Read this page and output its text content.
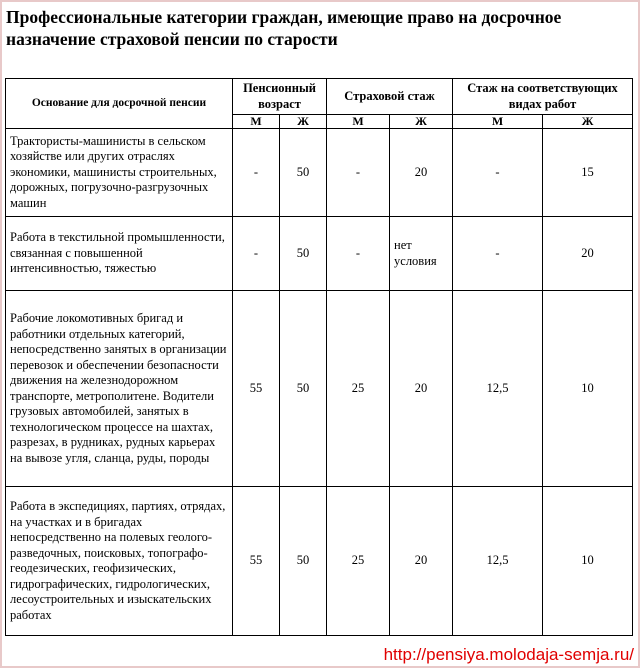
Профессиональные категории граждан, имеющие право на досрочное назначение страховой пенсии по старости
Основание для досрочной пенсии	Пенсионный возраст		Страховой стаж		Стаж на соответствующих видах работ	
	М	Ж	М	Ж	М	Ж
Трактористы-машинисты в сельском хозяйстве или других отраслях экономики, машинисты строительных, дорожных, погрузочно-разгрузочных машин	-	50	-	20	-	15
Работа в текстильной промышленности, связанная с повышенной интенсивностью, тяжестью	-	50	-	нет условия	-	20
Рабочие локомотивных бригад и работники отдельных категорий, непосредственно занятых в организации перевозок и обеспечении безопасности движения на железнодорожном транспорте, метрополитене. Водители грузовых автомобилей, занятых в технологическом процессе на шахтах, разрезах, в рудниках, рудных карьерах на вывозе угля, сланца, руды, породы	55	50	25	20	12,5	10
Работа в экспедициях, партиях, отрядах, на участках и в бригадах непосредственно на полевых геолого-разведочных, поисковых, топографо-геодезических, геофизических, гидрографических, гидрологических, лесоустроительных и изыскательских работах	55	50	25	20	12,5	10
http://pensiya.molodaja-semja.ru/
